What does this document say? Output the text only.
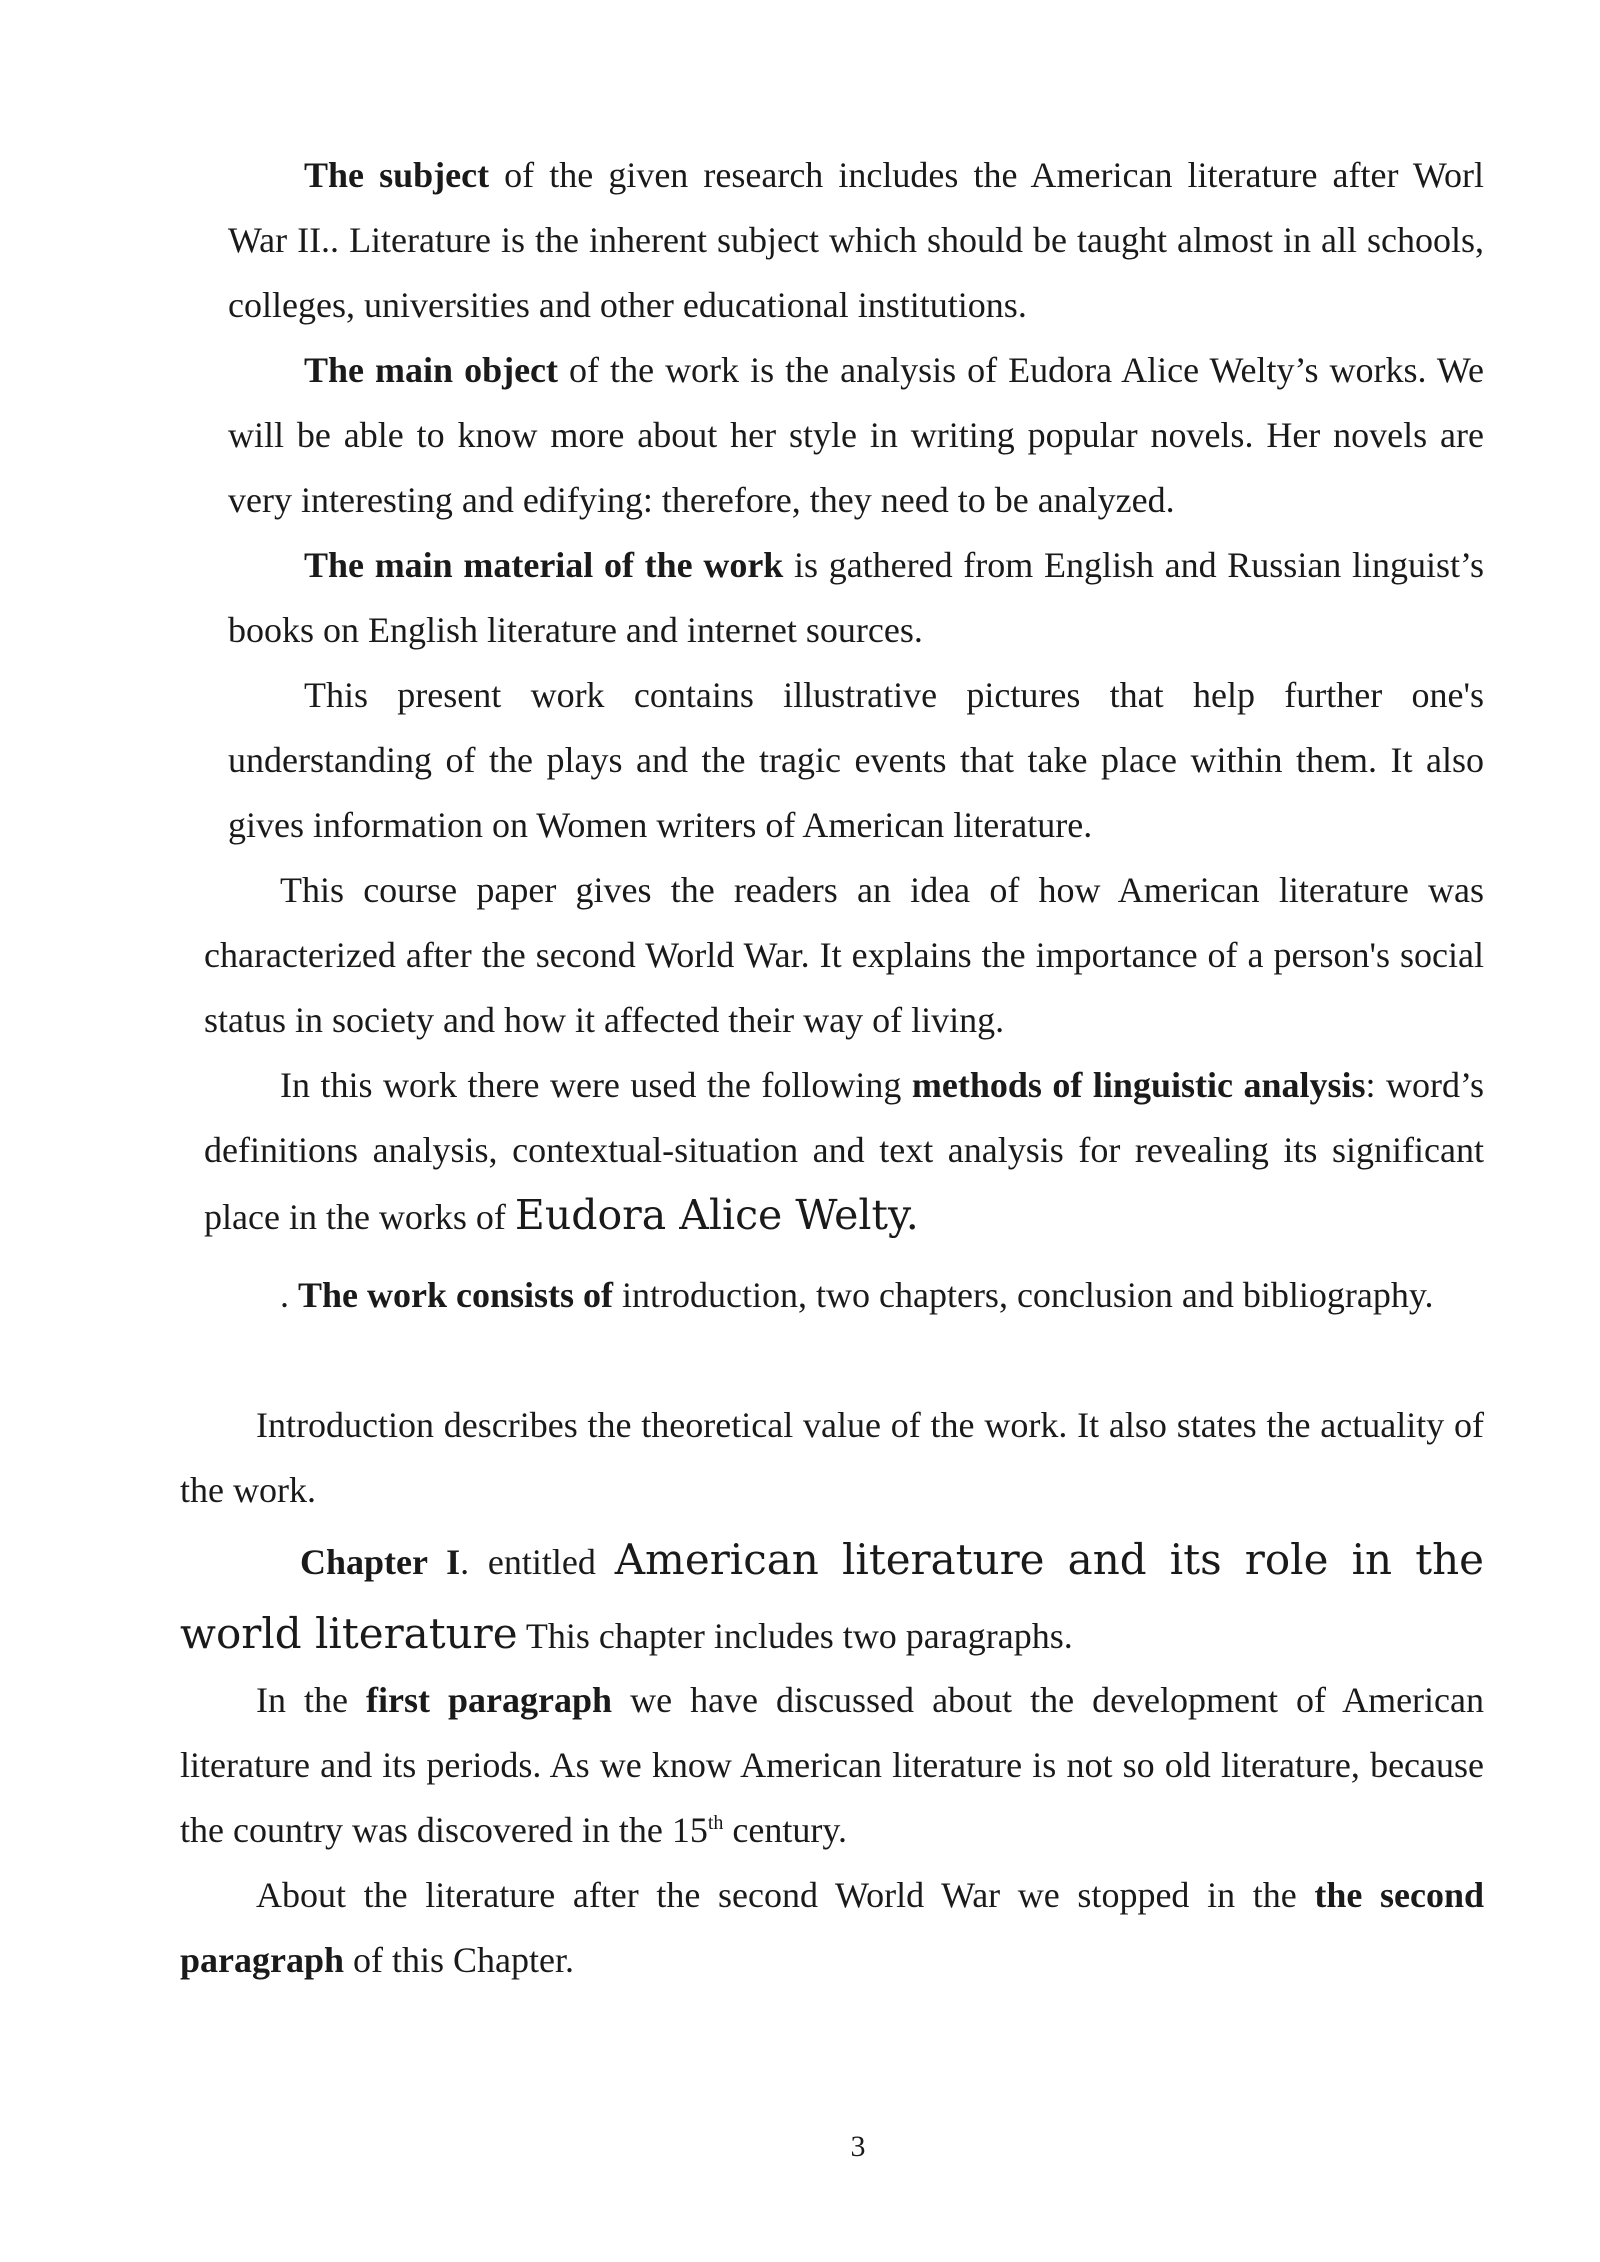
The subject of the given research includes the American literature after Worl War II.. Literature is the inherent subject which should be taught almost in all schools, colleges, universities and other educational institutions.

The main object of the work is the analysis of Eudora Alice Welty’s works. We will be able to know more about her style in writing popular novels. Her novels are very interesting and edifying: therefore, they need to be analyzed.

The main material of the work is gathered from English and Russian linguist’s books on English literature and internet sources.

This present work contains illustrative pictures that help further one's understanding of the plays and the tragic events that take place within them. It also gives information on Women writers of American literature.

This course paper gives the readers an idea of how American literature was characterized after the second World War. It explains the importance of a person's social status in society and how it affected their way of living.

In this work there were used the following methods of linguistic analysis: word’s definitions analysis, contextual-situation and text analysis for revealing its significant place in the works of Eudora Alice Welty.

. The work consists of introduction, two chapters, conclusion and bibliography.

Introduction describes the theoretical value of the work. It also states the actuality of the work.

Chapter I. entitled American literature and its role in the world literature This chapter includes two paragraphs.

In the first paragraph we have discussed about the development of American literature and its periods. As we know American literature is not so old literature, because the country was discovered in the 15th century.

About the literature after the second World War we stopped in the the second paragraph of this Chapter.

3
